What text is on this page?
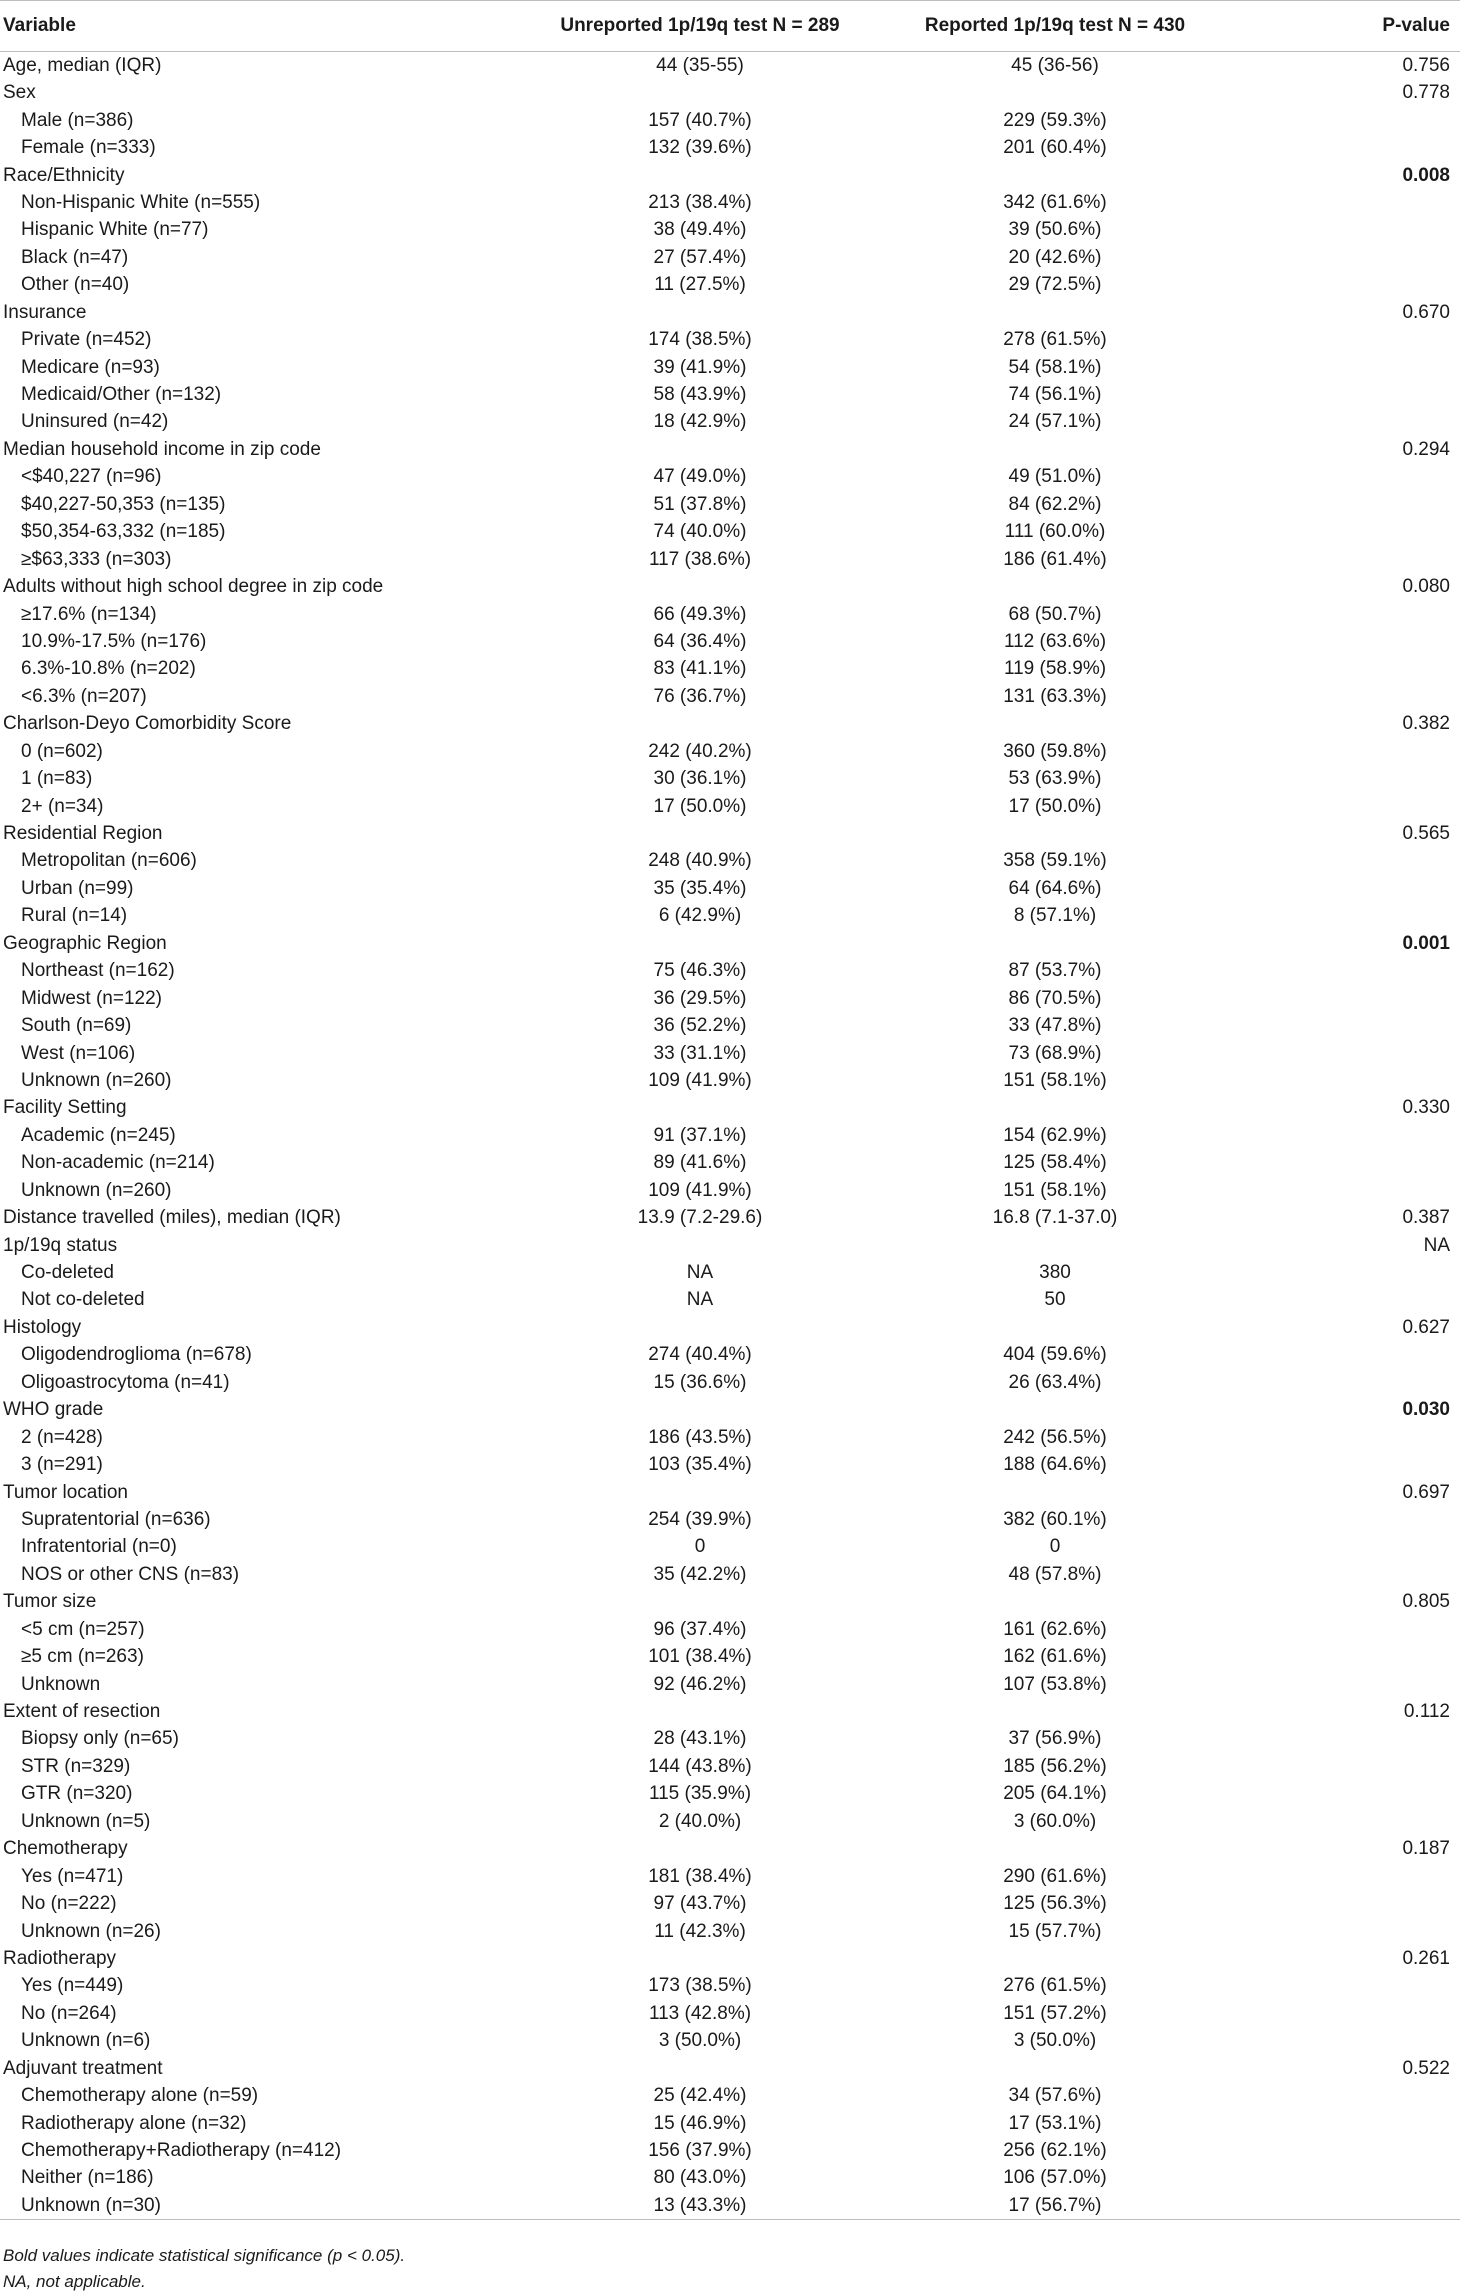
Variable	Unreported 1p/19q test N = 289	Reported 1p/19q test N = 430	P-value
Age, median (IQR)	44 (35-55)	45 (36-56)	0.756
Sex			0.778
Male (n=386)	157 (40.7%)	229 (59.3%)	
Female (n=333)	132 (39.6%)	201 (60.4%)	
Race/Ethnicity			0.008
Non-Hispanic White (n=555)	213 (38.4%)	342 (61.6%)	
Hispanic White (n=77)	38 (49.4%)	39 (50.6%)	
Black (n=47)	27 (57.4%)	20 (42.6%)	
Other (n=40)	11 (27.5%)	29 (72.5%)	
Insurance			0.670
Private (n=452)	174 (38.5%)	278 (61.5%)	
Medicare (n=93)	39 (41.9%)	54 (58.1%)	
Medicaid/Other (n=132)	58 (43.9%)	74 (56.1%)	
Uninsured (n=42)	18 (42.9%)	24 (57.1%)	
Median household income in zip code			0.294
<$40,227 (n=96)	47 (49.0%)	49 (51.0%)	
$40,227-50,353 (n=135)	51 (37.8%)	84 (62.2%)	
$50,354-63,332 (n=185)	74 (40.0%)	111 (60.0%)	
≥$63,333 (n=303)	117 (38.6%)	186 (61.4%)	
Adults without high school degree in zip code			0.080
≥17.6% (n=134)	66 (49.3%)	68 (50.7%)	
10.9%-17.5% (n=176)	64 (36.4%)	112 (63.6%)	
6.3%-10.8% (n=202)	83 (41.1%)	119 (58.9%)	
<6.3% (n=207)	76 (36.7%)	131 (63.3%)	
Charlson-Deyo Comorbidity Score			0.382
0 (n=602)	242 (40.2%)	360 (59.8%)	
1 (n=83)	30 (36.1%)	53 (63.9%)	
2+ (n=34)	17 (50.0%)	17 (50.0%)	
Residential Region			0.565
Metropolitan (n=606)	248 (40.9%)	358 (59.1%)	
Urban (n=99)	35 (35.4%)	64 (64.6%)	
Rural (n=14)	6 (42.9%)	8 (57.1%)	
Geographic Region			0.001
Northeast (n=162)	75 (46.3%)	87 (53.7%)	
Midwest (n=122)	36 (29.5%)	86 (70.5%)	
South (n=69)	36 (52.2%)	33 (47.8%)	
West (n=106)	33 (31.1%)	73 (68.9%)	
Unknown (n=260)	109 (41.9%)	151 (58.1%)	
Facility Setting			0.330
Academic (n=245)	91 (37.1%)	154 (62.9%)	
Non-academic (n=214)	89 (41.6%)	125 (58.4%)	
Unknown (n=260)	109 (41.9%)	151 (58.1%)	
Distance travelled (miles), median (IQR)	13.9 (7.2-29.6)	16.8 (7.1-37.0)	0.387
1p/19q status			NA
Co-deleted	NA	380	
Not co-deleted	NA	50	
Histology			0.627
Oligodendroglioma (n=678)	274 (40.4%)	404 (59.6%)	
Oligoastrocytoma (n=41)	15 (36.6%)	26 (63.4%)	
WHO grade			0.030
2 (n=428)	186 (43.5%)	242 (56.5%)	
3 (n=291)	103 (35.4%)	188 (64.6%)	
Tumor location			0.697
Supratentorial (n=636)	254 (39.9%)	382 (60.1%)	
Infratentorial (n=0)	0	0	
NOS or other CNS (n=83)	35 (42.2%)	48 (57.8%)	
Tumor size			0.805
<5 cm (n=257)	96 (37.4%)	161 (62.6%)	
≥5 cm (n=263)	101 (38.4%)	162 (61.6%)	
Unknown	92 (46.2%)	107 (53.8%)	
Extent of resection			0.112
Biopsy only (n=65)	28 (43.1%)	37 (56.9%)	
STR (n=329)	144 (43.8%)	185 (56.2%)	
GTR (n=320)	115 (35.9%)	205 (64.1%)	
Unknown (n=5)	2 (40.0%)	3 (60.0%)	
Chemotherapy			0.187
Yes (n=471)	181 (38.4%)	290 (61.6%)	
No (n=222)	97 (43.7%)	125 (56.3%)	
Unknown (n=26)	11 (42.3%)	15 (57.7%)	
Radiotherapy			0.261
Yes (n=449)	173 (38.5%)	276 (61.5%)	
No (n=264)	113 (42.8%)	151 (57.2%)	
Unknown (n=6)	3 (50.0%)	3 (50.0%)	
Adjuvant treatment			0.522
Chemotherapy alone (n=59)	25 (42.4%)	34 (57.6%)	
Radiotherapy alone (n=32)	15 (46.9%)	17 (53.1%)	
Chemotherapy+Radiotherapy (n=412)	156 (37.9%)	256 (62.1%)	
Neither (n=186)	80 (43.0%)	106 (57.0%)	
Unknown (n=30)	13 (43.3%)	17 (56.7%)	
Bold values indicate statistical significance (p < 0.05).
NA, not applicable.
